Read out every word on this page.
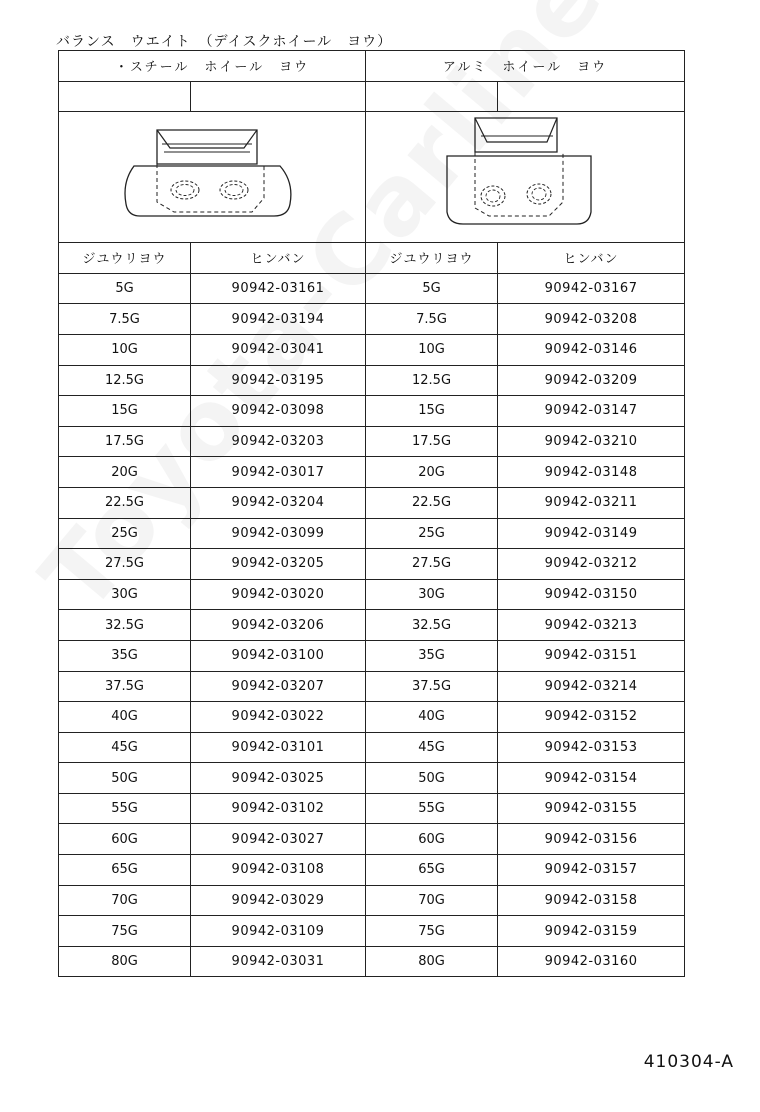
バランス　ウエイト　（デイスクホイール　ヨウ）
・スチール　ホイール　ヨウ		アルミ　ホイール　ヨウ	

ジユウリヨウ	ヒンバン	ジユウリヨウ	ヒンバン
5G	90942-03161	5G	90942-03167
7.5G	90942-03194	7.5G	90942-03208
10G	90942-03041	10G	90942-03146
12.5G	90942-03195	12.5G	90942-03209
15G	90942-03098	15G	90942-03147
17.5G	90942-03203	17.5G	90942-03210
20G	90942-03017	20G	90942-03148
22.5G	90942-03204	22.5G	90942-03211
25G	90942-03099	25G	90942-03149
27.5G	90942-03205	27.5G	90942-03212
30G	90942-03020	30G	90942-03150
32.5G	90942-03206	32.5G	90942-03213
35G	90942-03100	35G	90942-03151
37.5G	90942-03207	37.5G	90942-03214
40G	90942-03022	40G	90942-03152
45G	90942-03101	45G	90942-03153
50G	90942-03025	50G	90942-03154
55G	90942-03102	55G	90942-03155
60G	90942-03027	60G	90942-03156
65G	90942-03108	65G	90942-03157
70G	90942-03029	70G	90942-03158
75G	90942-03109	75G	90942-03159
80G	90942-03031	80G	90942-03160
410304-A
